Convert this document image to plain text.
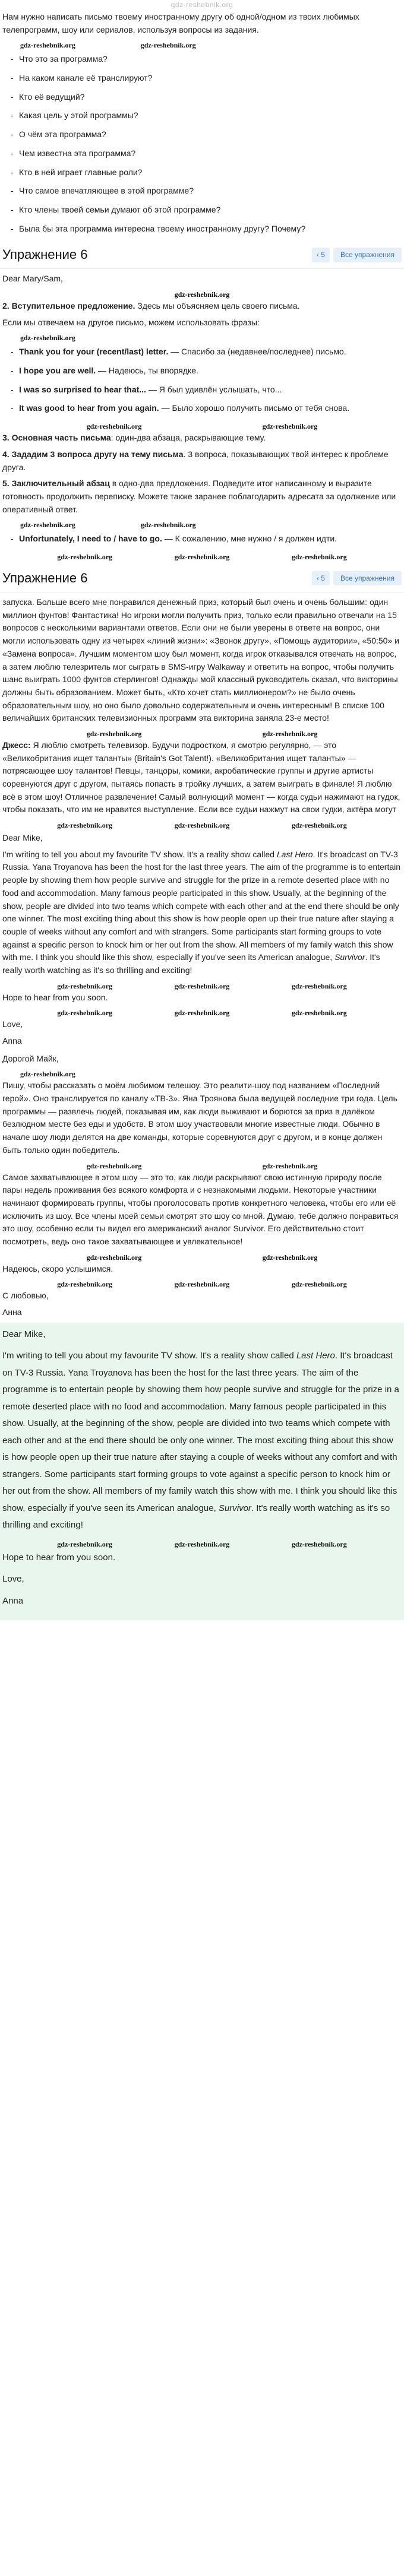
gdz-reshebnik.org

Нам нужно написать письмо твоему иностранному другу об одной/одном из твоих любимых телепрограмм, шоу или сериалов, используя вопросы из задания.

gdz-reshebnik.org	gdz-reshebnik.org
- Что это за программа?
- На каком канале её транслируют?
- Кто её ведущий?
- Какая цель у этой программы?
- О чём эта программа?
- Чем известна эта программа?
- Кто в ней играет главные роли?
- Что самое впечатляющее в этой программе?
- Кто члены твоей семьи думают об этой программе?
- Была бы эта программа интересна твоему иностранному другу? Почему?
Упражнение 6	‹ 5	Все упражнения

Dear Mary/Sam,

gdz-reshebnik.org

2. Вступительное предложение. Здесь мы объясняем цель своего письма.

Если мы отвечаем на другое письмо, можем использовать фразы:

gdz-reshebnik.org
- Thank you for your (recent/last) letter. — Спасибо за (недавнее/последнее) письмо.
- I hope you are well. — Надеюсь, ты впорядке.
- I was so surprised to hear that... — Я был удивлён услышать, что...
- It was good to hear from you again. — Было хорошо получить письмо от тебя снова.
gdz-reshebnik.org	gdz-reshebnik.org

3. Основная часть письма: один-два абзаца, раскрывающие тему.

4. Зададим 3 вопроса другу на тему письма. 3 вопроса, показывающих твой интерес к проблеме друга.

5. Заключительный абзац в одно-два предложения. Подведите итог написанному и выразите готовность продолжить переписку. Можете также заранее поблагодарить адресата за одолжение или оперативный ответ.

gdz-reshebnik.org	gdz-reshebnik.org
- Unfortunately, I need to / have to go. — К сожалению, мне нужно / я должен идти.
gdz-reshebnik.org	gdz-reshebnik.org	gdz-reshebnik.org
Упражнение 6	‹ 5	Все упражнения

запуска. Больше всего мне понравился денежный приз, который был очень и очень большим: один миллион фунтов! Фантастика! Но игроки могли получить приз, только если правильно отвечали на 15 вопросов с несколькими вариантами ответов. Если они не были уверены в ответе на вопрос, они могли использовать одну из четырех «линий жизни»: «Звонок другу», «Помощь аудитории», «50:50» и «Замена вопроса». Лучшим моментом шоу был момент, когда игрок отказывался отвечать на вопрос, а затем люблю телезритель мог сыграть в SMS-игру Walkaway и ответить на вопрос, чтобы получить шанс выиграть 1000 фунтов стерлингов! Однажды мой классный руководитель сказал, что викторины должны быть образованием. Может быть, «Кто хочет стать миллионером?» не было очень образовательным шоу, но оно было довольно содержательным и очень интересным! В списке 100 величайших британских телевизионных программ эта викторина заняла 23-е место!

gdz-reshebnik.org	gdz-reshebnik.org

Джесс: Я люблю смотреть телевизор. Будучи подростком, я смотрю регулярно, — это «Великобритания ищет таланты» (Britain's Got Talent!). «Великобритания ищет таланты» — потрясающее шоу талантов! Певцы, танцоры, комики, акробатические группы и другие артисты соревнуются друг с другом, пытаясь попасть в тройку лучших, а затем выиграть в финале! Я люблю всё в этом шоу! Отличное развлечение! Самый волнующий момент — когда судьи нажимают на гудок, чтобы показать, что им не нравится выступление. Если все судьи нажмут на свои гудки, актёра могут

gdz-reshebnik.org	gdz-reshebnik.org	gdz-reshebnik.org

Dear Mike,

I'm writing to tell you about my favourite TV show. It's a reality show called Last Hero. It's broadcast on TV-3 Russia. Yana Troyanova has been the host for the last three years. The aim of the programme is to entertain people by showing them how people survive and struggle for the prize in a remote deserted place with no food and accommodation. Many famous people participated in this show. Usually, at the beginning of the show, people are divided into two teams which compete with each other and at the end there should be only one winner. The most exciting thing about this show is how people open up their true nature after staying a couple of weeks without any comfort and with strangers. Some participants start forming groups to vote against a specific person to knock him or her out from the show. All members of my family watch this show with me. I think you should like this show, especially if you've seen its American analogue, Survivor. It's really worth watching as it's so thrilling and exciting!

gdz-reshebnik.org	gdz-reshebnik.org	gdz-reshebnik.org

Hope to hear from you soon.

gdz-reshebnik.org	gdz-reshebnik.org	gdz-reshebnik.org

Love,

Anna

Дорогой Майк,

gdz-reshebnik.org

Пишу, чтобы рассказать о моём любимом телешоу. Это реалити-шоу под названием «Последний герой». Оно транслируется по каналу «ТВ-3». Яна Троянова была ведущей последние три года. Цель программы — развлечь людей, показывая им, как люди выживают и борются за приз в далёком безлюдном месте без еды и удобств. В этом шоу участвовали многие известные люди. Обычно в начале шоу люди делятся на две команды, которые соревнуются друг с другом, и в конце должен быть только один победитель.

gdz-reshebnik.org	gdz-reshebnik.org

Самое захватывающее в этом шоу — это то, как люди раскрывают свою истинную природу после пары недель проживания без всякого комфорта и с незнакомыми людьми. Некоторые участники начинают формировать группы, чтобы проголосовать против конкретного человека, чтобы его или её исключить из шоу. Все члены моей семьи смотрят это шоу со мной. Думаю, тебе должно понравиться это шоу, особенно если ты видел его американский аналог Survivor. Его действительно стоит посмотреть, ведь оно такое захватывающее и увлекательное!

gdz-reshebnik.org	gdz-reshebnik.org

Надеюсь, скоро услышимся.

gdz-reshebnik.org	gdz-reshebnik.org	gdz-reshebnik.org

С любовью,

Анна

Dear Mike,

I'm writing to tell you about my favourite TV show. It's a reality show called Last Hero. It's broadcast on TV-3 Russia. Yana Troyanova has been the host for the last three years. The aim of the programme is to entertain people by showing them how people survive and struggle for the prize in a remote deserted place with no food and accommodation. Many famous people participated in this show. Usually, at the beginning of the show, people are divided into two teams which compete with each other and at the end there should be only one winner. The most exciting thing about this show is how people open up their true nature after staying a couple of weeks without any comfort and with strangers. Some participants start forming groups to vote against a specific person to knock him or her out from the show. All members of my family watch this show with me. I think you should like this show, especially if you've seen its American analogue, Survivor. It's really worth watching as it's so thrilling and exciting!

gdz-reshebnik.org	gdz-reshebnik.org	gdz-reshebnik.org

Hope to hear from you soon.

Love,

Anna
